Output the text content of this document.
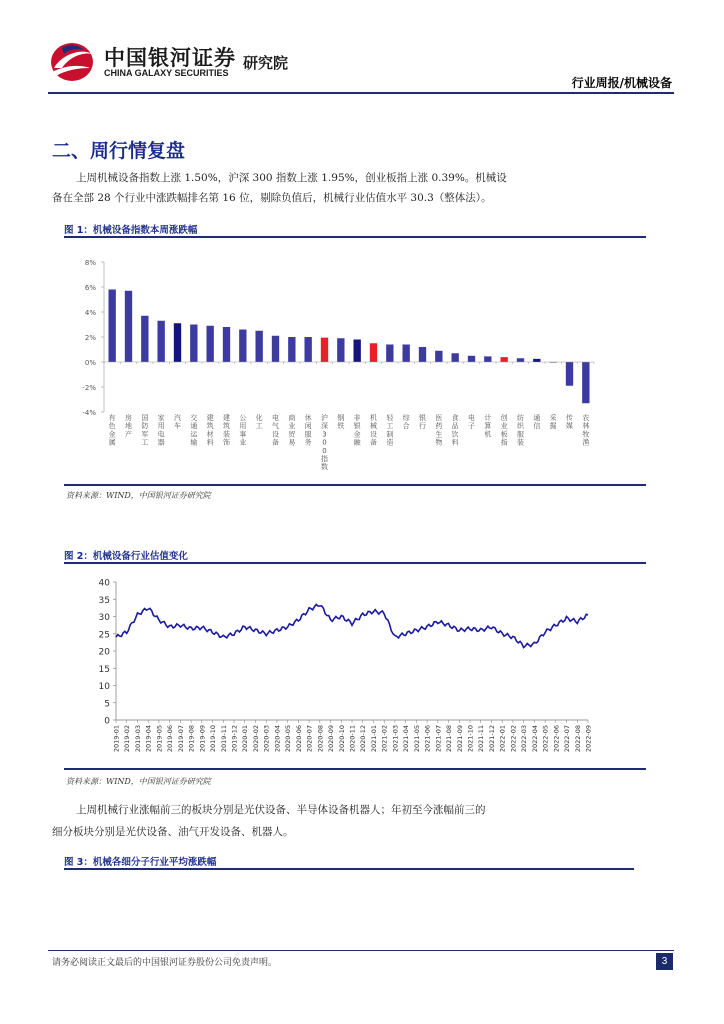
中国银河证券
CHINA GALAXY SECURITIES
研究院
行业周报/机械设备
二、周行情复盘
上周机械设备指数上涨 1.50%，沪深 300 指数上涨 1.95%，创业板指上涨 0.39%。机械设
备在全部 28 个行业中涨跌幅排名第 16 位，剔除负值后，机械行业估值水平 30.3（整体法）。
图 1：机械设备指数本周涨跌幅
8%
6%
4%
2%
0%
-2%
-4%
有色金属
房地产
国防军工
家用电器
汽车
交通运输
建筑材料
建筑装饰
公用事业
化工
电气设备
商业贸易
休闲服务
沪深 3 0 0 指数
钢铁
非银金融
机械设备
轻工制造
综合
银行
医药生物
食品饮料
电子
计算机
创业板指
纺织服装
通信
采掘
传媒
农林牧渔
资料来源：WIND，中国银河证券研究院
图 2：机械设备行业估值变化
40
35
30
25
20
15
10
5
0
2019-01 2019-02 2019-03 2019-04 2019-05 2019-06 2019-07 2019-08 2019-09 2019-10 2019-11 2019-12 2020-01 2020-02 2020-03 2020-04 2020-05 2020-06 2020-07 2020-08 2020-09 2020-10 2020-11 2020-12 2021-01 2021-02 2021-03 2021-04 2021-05 2021-06 2021-07 2021-08 2021-09 2021-10 2021-11 2021-12 2022-01 2022-02 2022-03 2022-04 2022-05 2022-06 2022-07 2022-08 2022-09
资料来源：WIND，中国银河证券研究院
上周机械行业涨幅前三的板块分别是光伏设备、半导体设备机器人；年初至今涨幅前三的
细分板块分别是光伏设备、油气开发设备、机器人。
图 3：机械各细分子行业平均涨跌幅
请务必阅读正文最后的中国银河证券股份公司免责声明。	3
